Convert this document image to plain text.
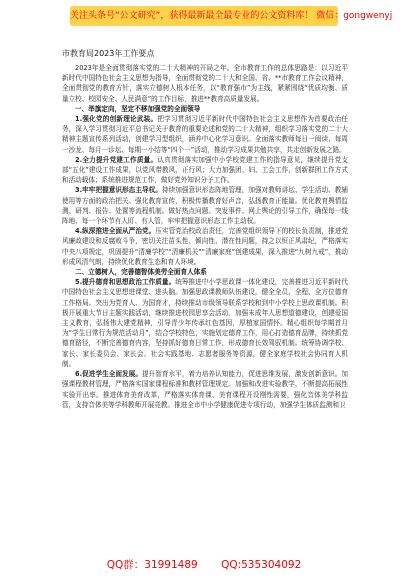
关注头条号“公文研究”，获得最新最全最专业的公文资料库！ 微信：gongwenyj
市教育局2023年工作要点

2023年是全面贯彻落实党的二十大精神的开局之年。全市教育工作的总体思路是：以习近平新时代中国特色社会主义思想为指导，全面贯彻党的二十大和全国、省、**市教育工作会议精神，全面贯彻党的教育方针，落实立德树人根本任务，以“教育强市”为主线，紧紧围绕“优质均衡、质量立校、校园安全、人民满意”的工作目标，推进**教育高质量发展。

一、举旗定向，坚定不移加强党的全面领导

1.强化党的创新理论武装。把学习贯彻习近平新时代中国特色社会主义思想作为首要政治任务，深入学习贯彻习近平总书记关于教育的重要论述和党的二十大精神，组织学习落实党的二十大精神主题宣传系列活动，创建学习型组织，涵养中心化学习意识。全面落实教师每日一阅读、每周一沙龙、每月一诊坛、每期一小结等“四个一”活动，推动学习成果共勉共享，共走创新发展之路。

2.全力提升党建工作质量。认真贯彻落实加强中小学校党建工作的指导意见，继续提升党支部“五化”建设工作成果，以党风带教风，正行风；大力加强团、妇、工会工作，创新群团工作方式和活动载体；系统推进规范工作，做好党外知识分子工作。

3.牢牢把握意识形态主导权。持续加强意识形态阵地管理，加强对教师讲坛、学生活动、教辅使用等方面的政治把关。强化教育宣传，积极传播教育好声音，弘扬教育正能量。优化教育舆情监测、研判、报告、处置等流程机制。做好热点问题、突发事件、网上舆论的引导工作，确保每一线阵地、每一个环节有人盯、有人管，牢牢把握意识形态工作主动权。

4.纵深推进全面从严治党。压实管党治校政治责任，完善党组织领导下的校长负责制，推进党风廉政建设和反腐败斗争，密切关注苗头性、倾向性、潜在性问题，持之以恒正风肃纪，严格落实中央八项规定，巩固提升“清廉学校”“清廉机关”“清廉家庭”创建成果，深入推进“九树九戒”，推动形成风清气朗，持续优化教育生态和育人环境。

二、立德树人，完善德智体美劳全面育人体系

5.提升德育和思想政治工作质量。统筹推进中小学思政课一体化建设，完善推进习近平新时代中国特色社会主义思想进课堂、进头脑。加强思政课教师队伍建设，健全全员、全程、全方位德育工作格局。突出为党育人、为国育才，持续推动市级领导联系学校和到中小学校上思政课机制。积极开展重大节日主题实践活动，继续推进校园思享会活动，加强未成年人思想道德建设，创建爱国主义教育，弘扬伟大建党精神，引导青少年传承红色基因，厚植家国情怀。精心组织每学期首月为“学生日常行为规范活动月”，结合学校特色，实施划定德育工作，用心打造德育品牌，持续抓党德育路径，不断完善德育内容，坚持抓好德育日常工作，形成德育长效驾驭机制。统筹协调学校、家长、家长委员会、家长会、社会实践基地、志愿者服务等资源，健全家庭学校社会协同育人机制。

6.促进学生全面发展。提升智育水平，着力培养认知能力，促进思维发展，激发创新意识。加强课程教材管理，严格落实国家课程标准和教材管理规定。加强和改进实验教学，不断提高拓展性实验开出率。推进体育美育改革，严格落实体育课、美育课程开设刚性需要，强化音体美学科监管，支持音体美等学科教师开展竞教。推进全市中小学健康促进专项行动，加强学生体质监测和卫

QQ群：31991489 QQ:535304092
